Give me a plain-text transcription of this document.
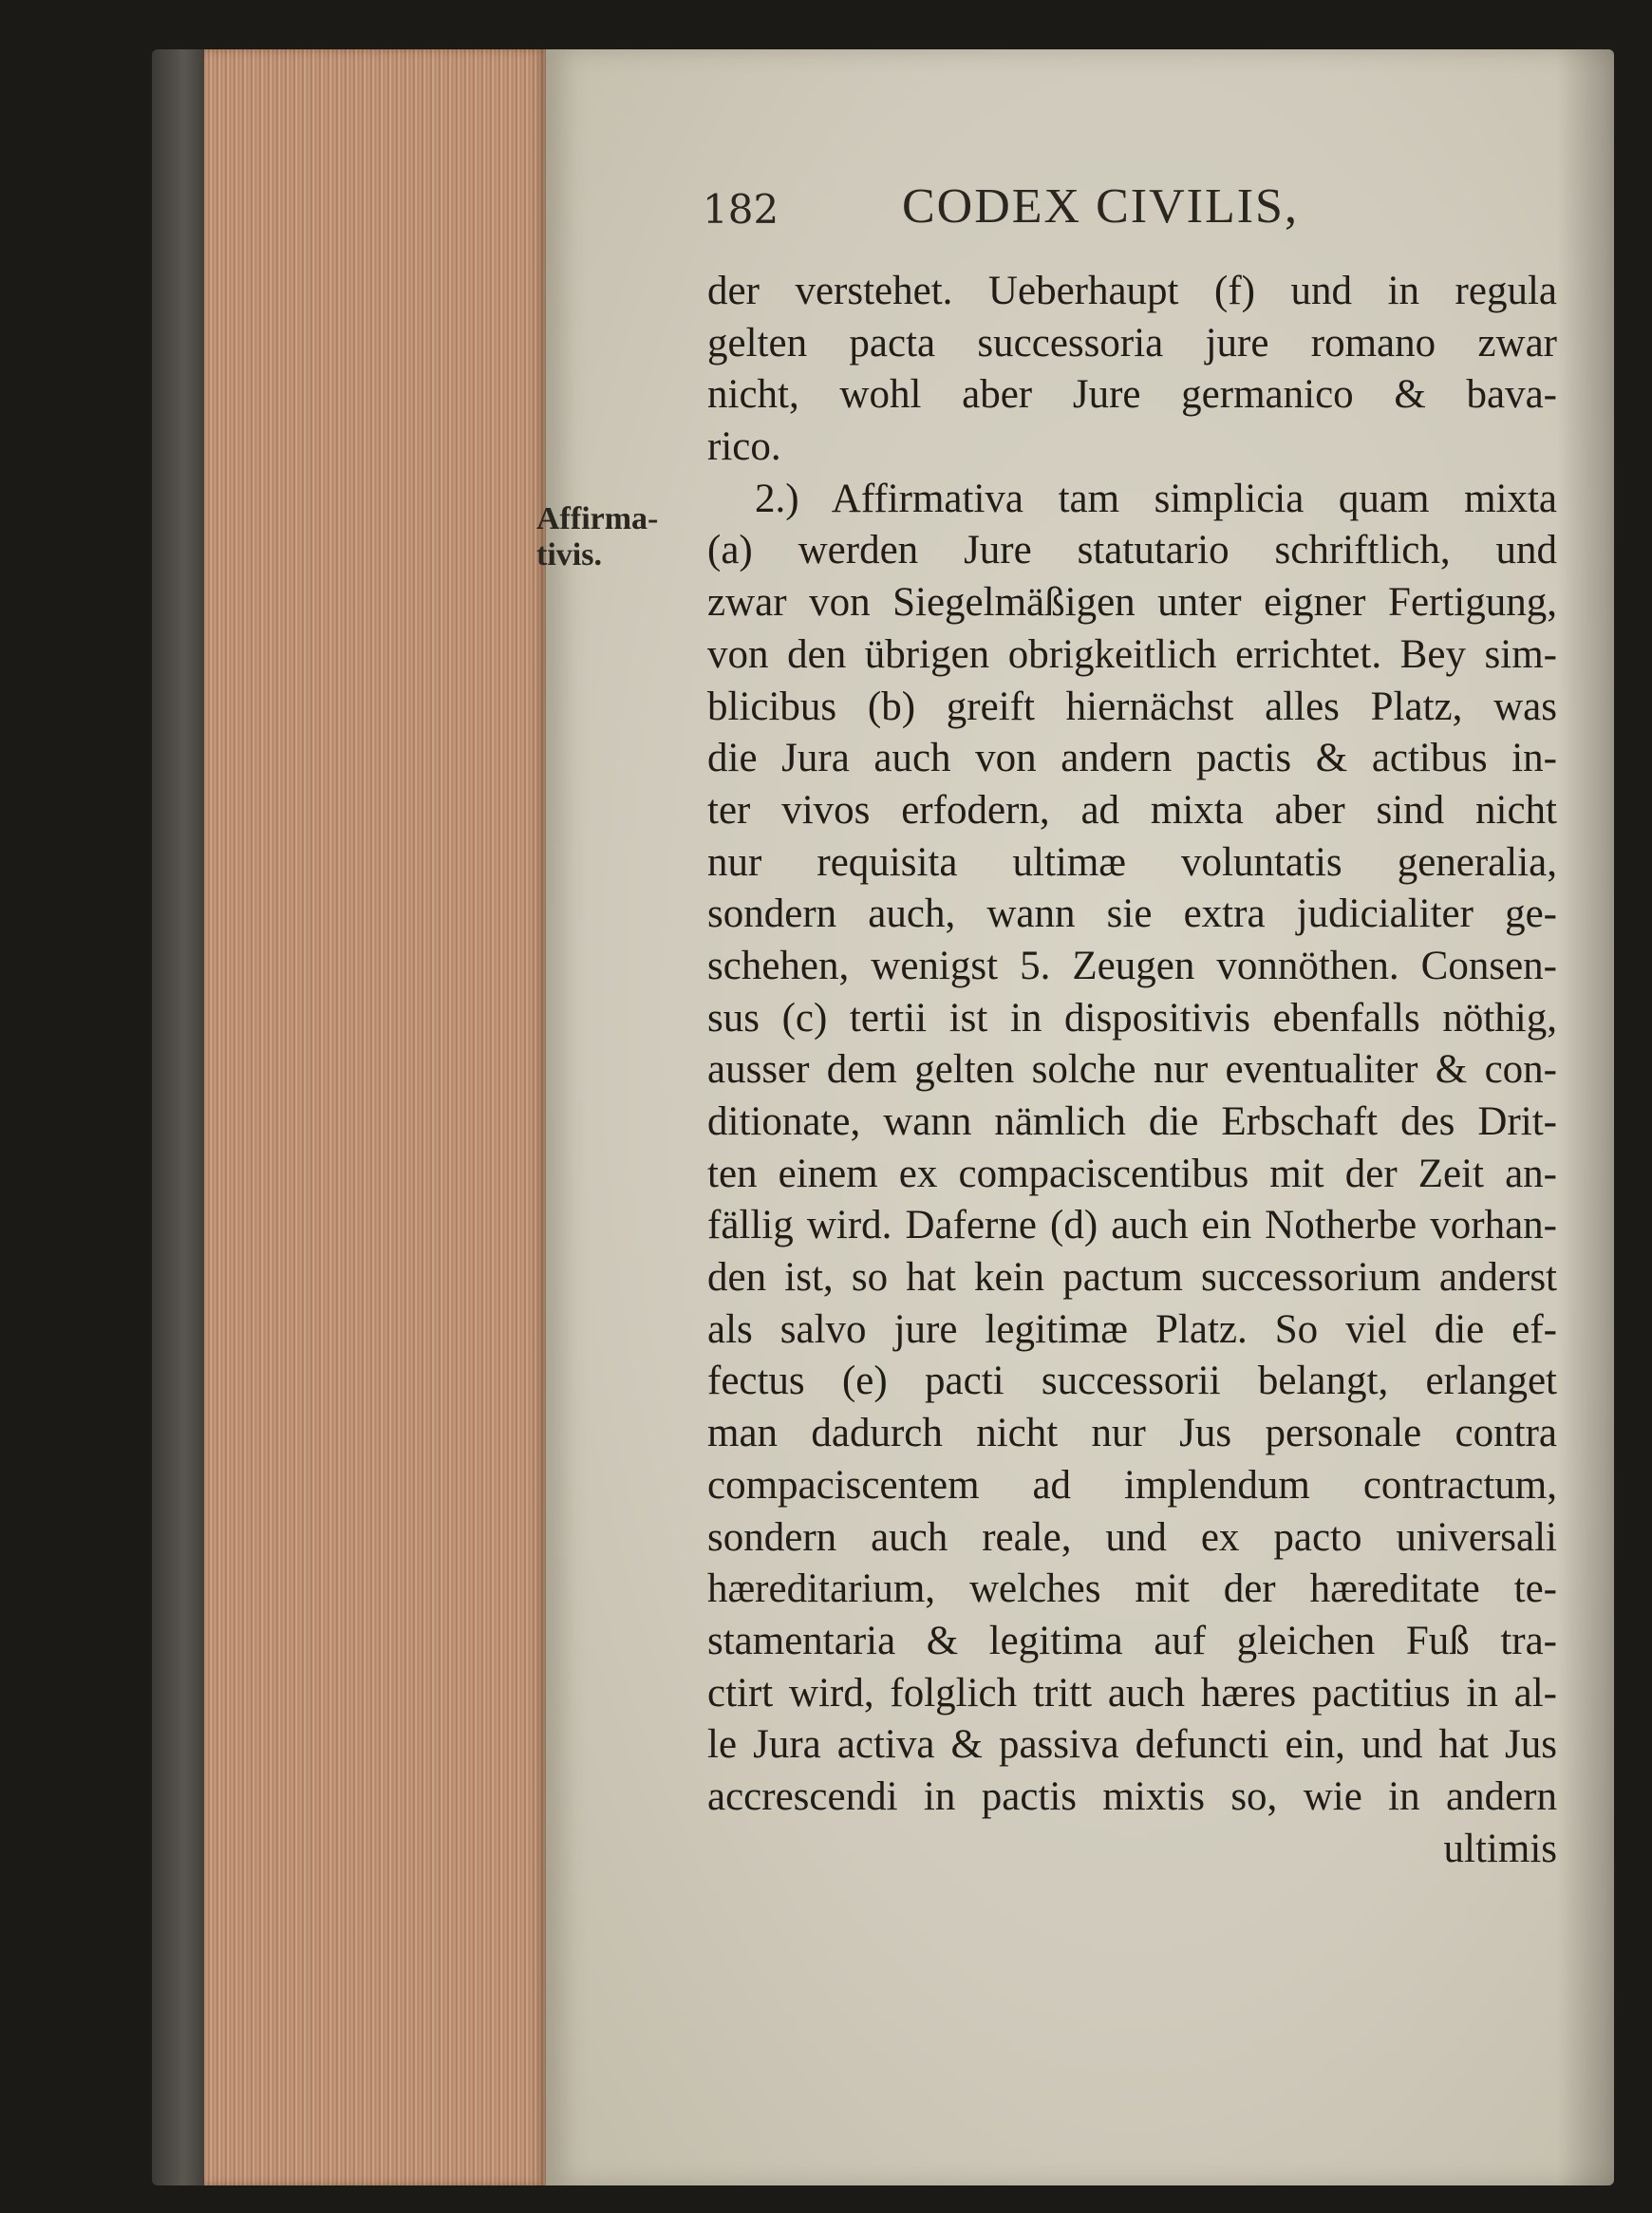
182 CODEX CIVILIS,
Affirma-
tivis.
der verstehet. Ueberhaupt (f) und in regula
gelten pacta successoria jure romano zwar
nicht, wohl aber Jure germanico & bava-
rico.
2.) Affirmativa tam simplicia quam mixta
(a) werden Jure statutario schriftlich, und
zwar von Siegelmäßigen unter eigner Fertigung,
von den übrigen obrigkeitlich errichtet. Bey sim-
blicibus (b) greift hiernächst alles Platz, was
die Jura auch von andern pactis & actibus in-
ter vivos erfodern, ad mixta aber sind nicht
nur requisita ultimæ voluntatis generalia,
sondern auch, wann sie extra judicialiter ge-
schehen, wenigst 5. Zeugen vonnöthen. Consen-
sus (c) tertii ist in dispositivis ebenfalls nöthig,
ausser dem gelten solche nur eventualiter & con-
ditionate, wann nämlich die Erbschaft des Drit-
ten einem ex compaciscentibus mit der Zeit an-
fällig wird. Daferne (d) auch ein Notherbe vorhan-
den ist, so hat kein pactum successorium anderst
als salvo jure legitimæ Platz. So viel die ef-
fectus (e) pacti successorii belangt, erlanget
man dadurch nicht nur Jus personale contra
compaciscentem ad implendum contractum,
sondern auch reale, und ex pacto universali
hæreditarium, welches mit der hæreditate te-
stamentaria & legitima auf gleichen Fuß tra-
ctirt wird, folglich tritt auch hæres pactitius in al-
le Jura activa & passiva defuncti ein, und hat Jus
accrescendi in pactis mixtis so, wie in andern
ultimis
